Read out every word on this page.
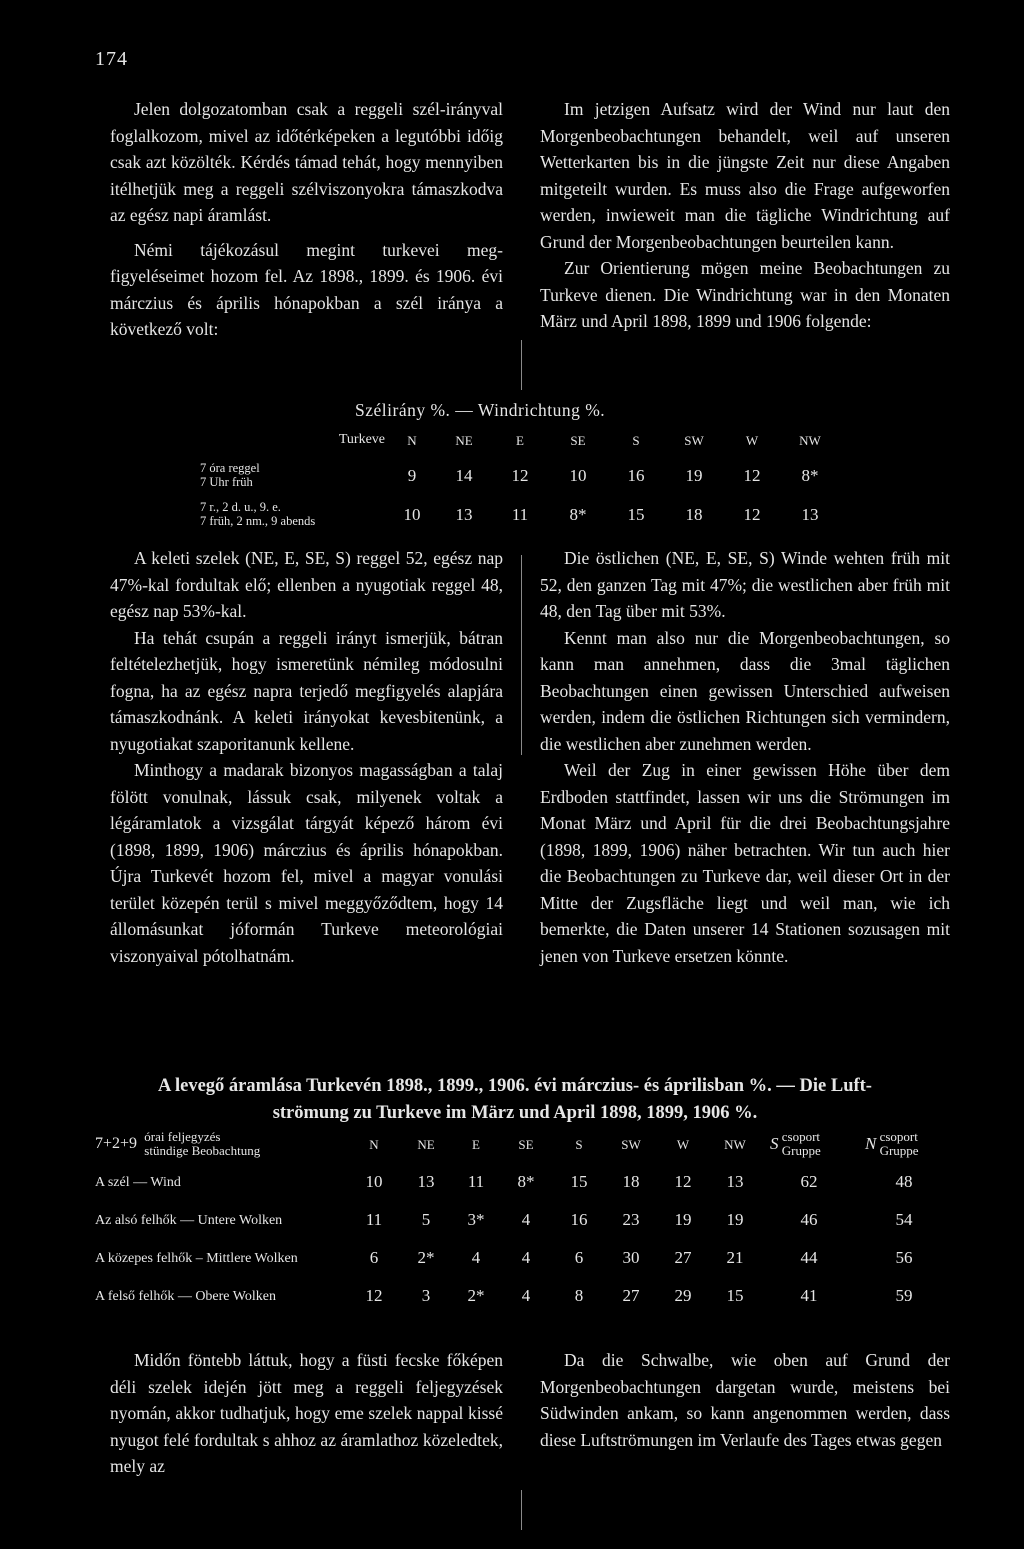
174

Jelen dolgozatomban csak a reggeli szél-irányval foglalkozom, mivel az időtérképeken a legutóbbi időig csak azt közölték. Kérdés támad tehát, hogy mennyiben itélhetjük meg a reggeli szélviszonyokra támaszkodva az egész napi áramlást.

Némi tájékozásul megint turkevei meg-figyeléseimet hozom fel. Az 1898., 1899. és 1906. évi márczius és április hónapokban a szél iránya a következő volt:

Im jetzigen Aufsatz wird der Wind nur laut den Morgenbeobachtungen behandelt, weil auf unseren Wetterkarten bis in die jüngste Zeit nur diese Angaben mitgeteilt wurden. Es muss also die Frage aufgeworfen werden, inwieweit man die tägliche Windrichtung auf Grund der Morgenbeobachtungen beurteilen kann.

Zur Orientierung mögen meine Beobachtungen zu Turkeve dienen. Die Windrichtung war in den Monaten März und April 1898, 1899 und 1906 folgende:

Szélirány %. — Windrichtung %.
Turkeve	N	NE	E	SE	S	SW	W	NW
7 óra reggel
7 Uhr früh	9	14	12	10	16	19	12	8*
7 r., 2 d. u., 9. e.
7 früh, 2 nm., 9 abends	10	13	11	8*	15	18	12	13

A keleti szelek (NE, E, SE, S) reggel 52, egész nap 47%-kal fordultak elő; ellenben a nyugotiak reggel 48, egész nap 53%-kal.

Ha tehát csupán a reggeli irányt ismerjük, bátran feltételezhetjük, hogy ismeretünk némileg módosulni fogna, ha az egész napra terjedő megfigyelés alapjára támaszkodnánk. A keleti irányokat kevesbitenünk, a nyugotiakat szaporitanunk kellene.

Minthogy a madarak bizonyos magasságban a talaj fölött vonulnak, lássuk csak, milyenek voltak a légáramlatok a vizsgálat tárgyát képező három évi (1898, 1899, 1906) márczius és április hónapokban. Újra Turkevét hozom fel, mivel a magyar vonulási terület közepén terül s mivel meggyőződtem, hogy 14 állomásunkat jóformán Turkeve meteorológiai viszonyaival pótolhatnám.

Die östlichen (NE, E, SE, S) Winde wehten früh mit 52, den ganzen Tag mit 47%; die westlichen aber früh mit 48, den Tag über mit 53%.

Kennt man also nur die Morgenbeobachtungen, so kann man annehmen, dass die 3mal täglichen Beobachtungen einen gewissen Unterschied aufweisen werden, indem die östlichen Richtungen sich vermindern, die westlichen aber zunehmen werden.

Weil der Zug in einer gewissen Höhe über dem Erdboden stattfindet, lassen wir uns die Strömungen im Monat März und April für die drei Beobachtungsjahre (1898, 1899, 1906) näher betrachten. Wir tun auch hier die Beobachtungen zu Turkeve dar, weil dieser Ort in der Mitte der Zugsfläche liegt und weil man, wie ich bemerkte, die Daten unserer 14 Stationen sozusagen mit jenen von Turkeve ersetzen könnte.

A levegő áramlása Turkevén 1898., 1899., 1906. évi márczius- és áprilisban %. — Die Luft-
strömung zu Turkeve im März und April 1898, 1899, 1906 %.
7+2+9 órai feljegyzés
stündige Beobachtung	N	NE	E	SE	S	SW	W	NW	S csoport
Gruppe	N csoport
Gruppe
A szél — Wind	10	13	11	8*	15	18	12	13	62	48
Az alsó felhők — Untere Wolken	11	5	3*	4	16	23	19	19	46	54
A közepes felhők – Mittlere Wolken	6	2*	4	4	6	30	27	21	44	56
A felső felhők — Obere Wolken	12	3	2*	4	8	27	29	15	41	59

Midőn föntebb láttuk, hogy a füsti fecske főképen déli szelek idején jött meg a reggeli feljegyzések nyomán, akkor tudhatjuk, hogy eme szelek nappal kissé nyugot felé fordultak s ahhoz az áramlathoz közeledtek, mely az

Da die Schwalbe, wie oben auf Grund der Morgenbeobachtungen dargetan wurde, meistens bei Südwinden ankam, so kann angenommen werden, dass diese Luftströmungen im Verlaufe des Tages etwas gegen
